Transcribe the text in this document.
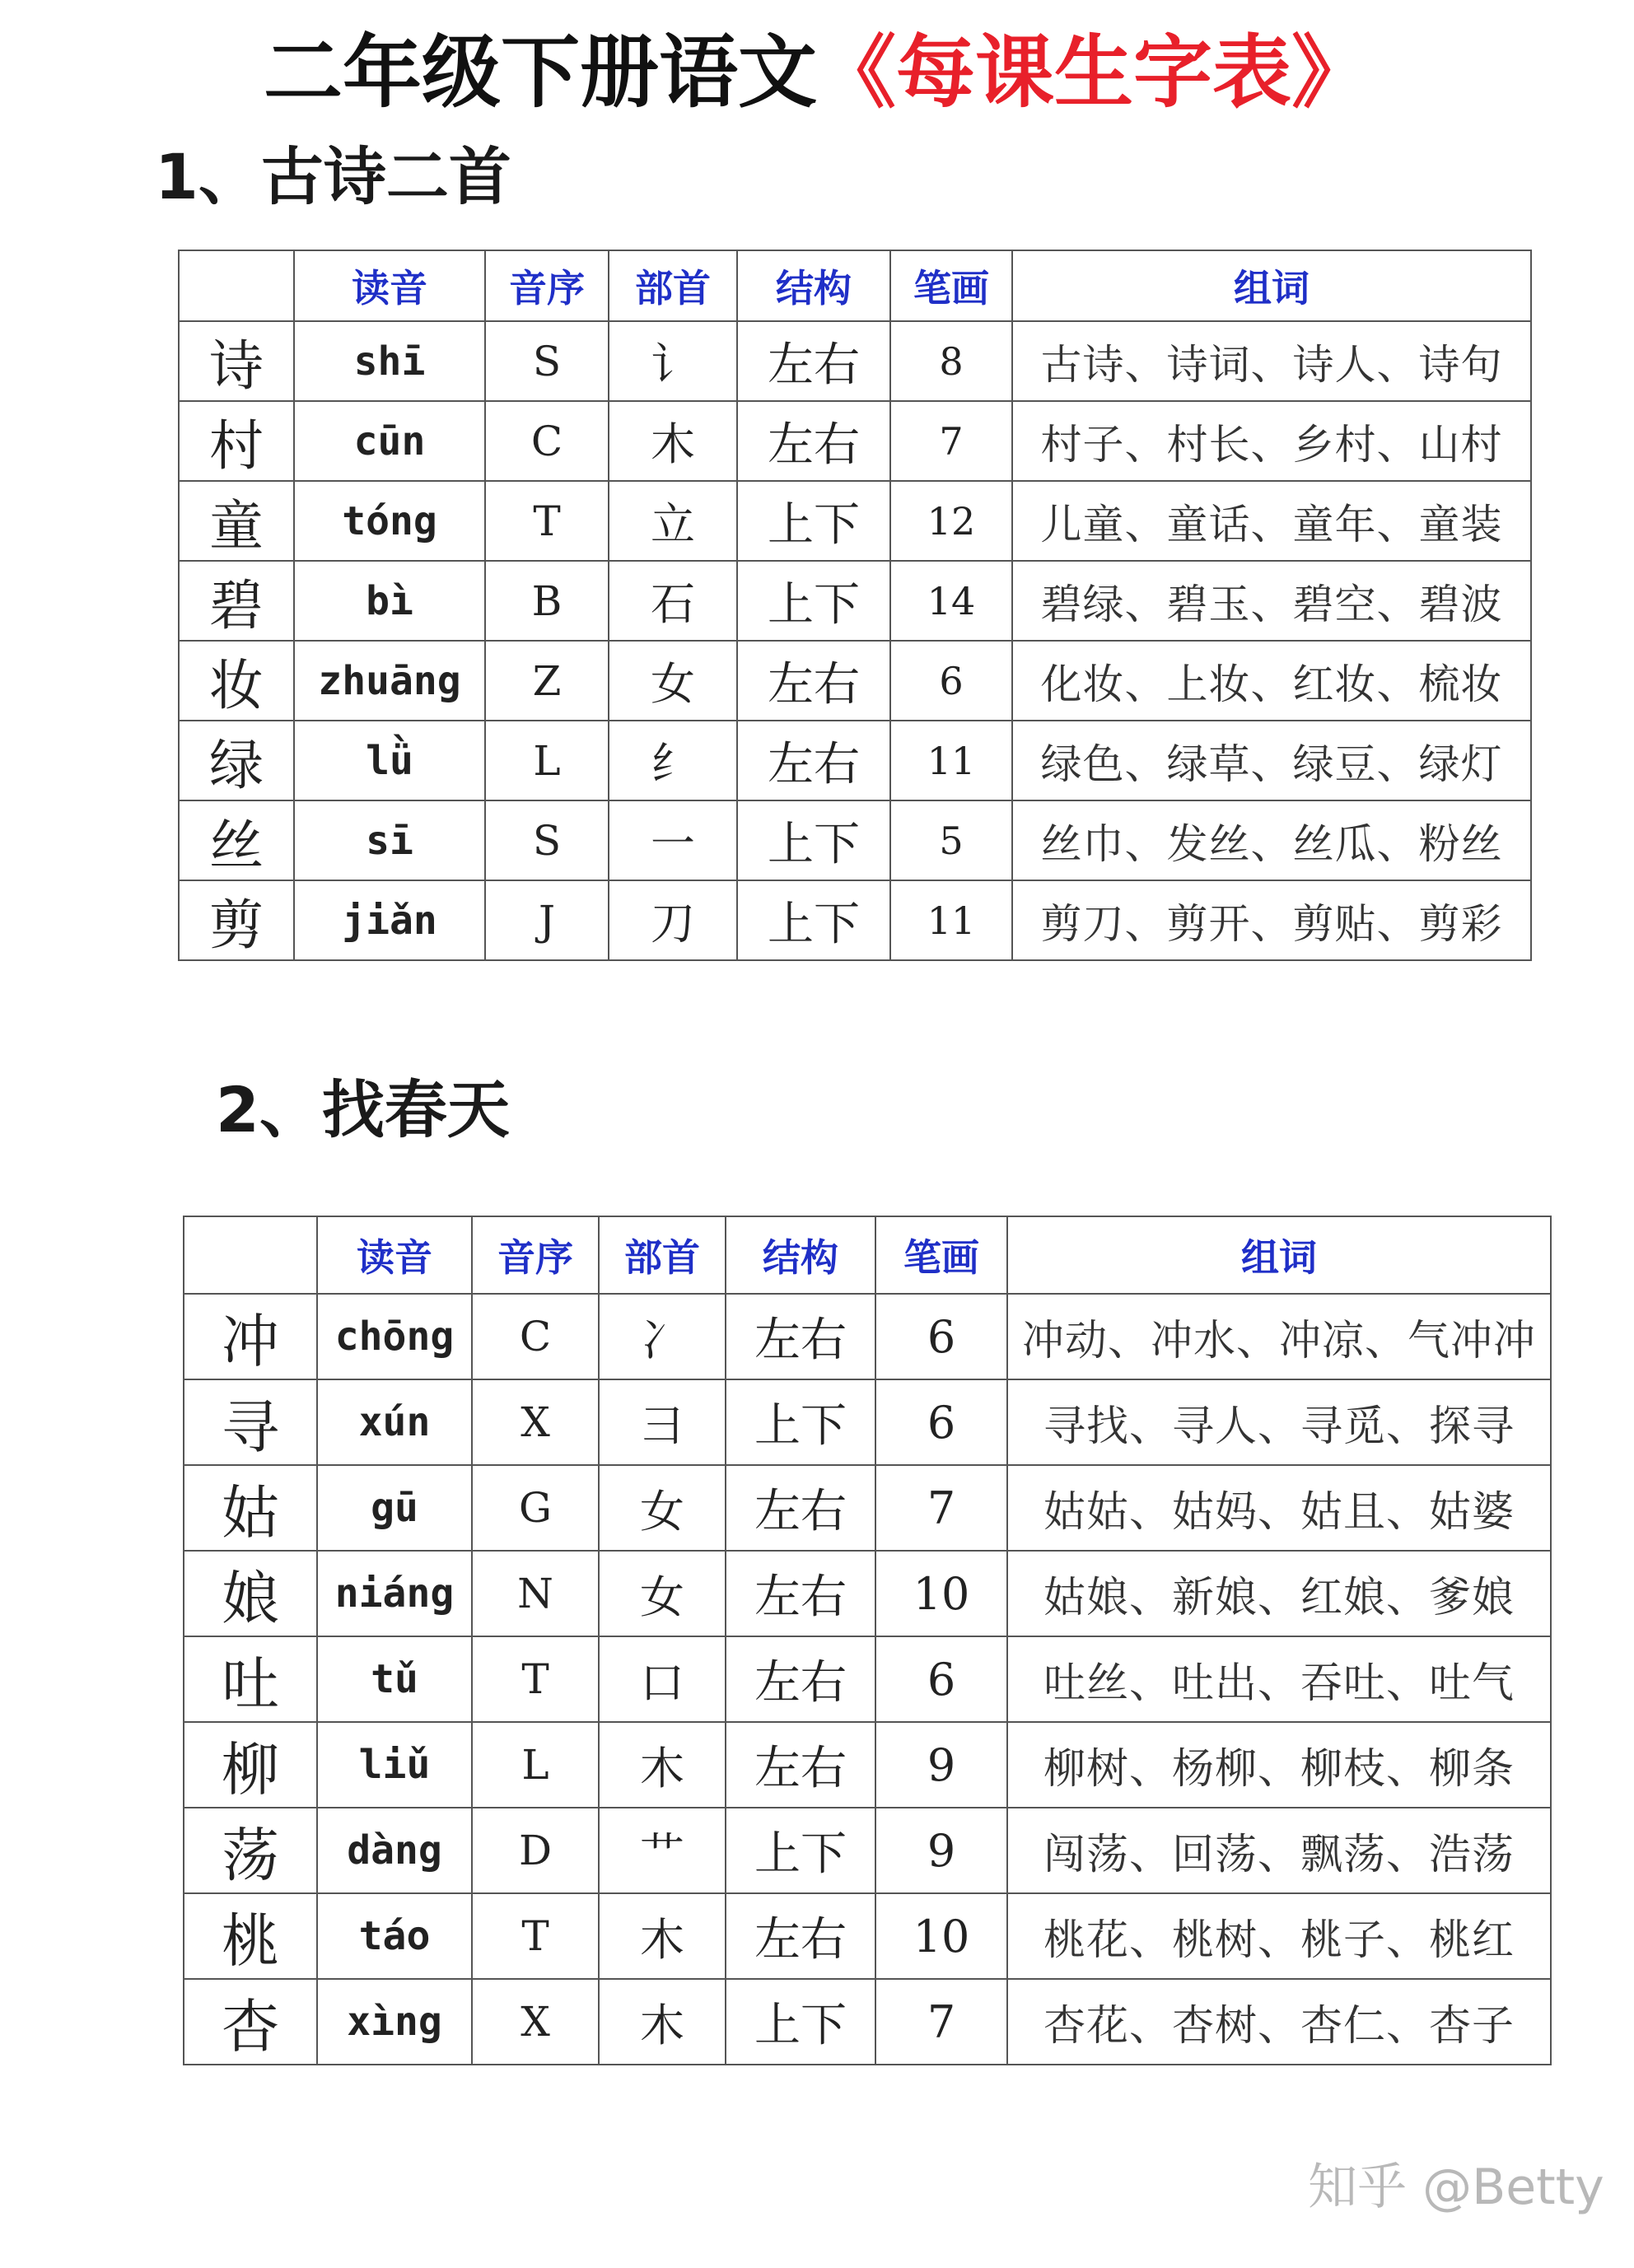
二年级下册语文《每课生字表》
1、古诗二首
	读音	音序	部首	结构	笔画	组词
诗	shī	S	讠	左右	8	古诗、诗词、诗人、诗句
村	cūn	C	木	左右	7	村子、村长、乡村、山村
童	tóng	T	立	上下	12	儿童、童话、童年、童装
碧	bì	B	石	上下	14	碧绿、碧玉、碧空、碧波
妆	zhuāng	Z	女	左右	6	化妆、上妆、红妆、梳妆
绿	lǜ	L	纟	左右	11	绿色、绿草、绿豆、绿灯
丝	sī	S	一	上下	5	丝巾、发丝、丝瓜、粉丝
剪	jiǎn	J	刀	上下	11	剪刀、剪开、剪贴、剪彩
2、找春天
	读音	音序	部首	结构	笔画	组词
冲	chōng	C	冫	左右	6	冲动、冲水、冲凉、气冲冲
寻	xún	X	彐	上下	6	寻找、寻人、寻觅、探寻
姑	gū	G	女	左右	7	姑姑、姑妈、姑且、姑婆
娘	niáng	N	女	左右	10	姑娘、新娘、红娘、爹娘
吐	tǔ	T	口	左右	6	吐丝、吐出、吞吐、吐气
柳	liǔ	L	木	左右	9	柳树、杨柳、柳枝、柳条
荡	dàng	D	艹	上下	9	闯荡、回荡、飘荡、浩荡
桃	táo	T	木	左右	10	桃花、桃树、桃子、桃红
杏	xìng	X	木	上下	7	杏花、杏树、杏仁、杏子
知乎 @Betty
